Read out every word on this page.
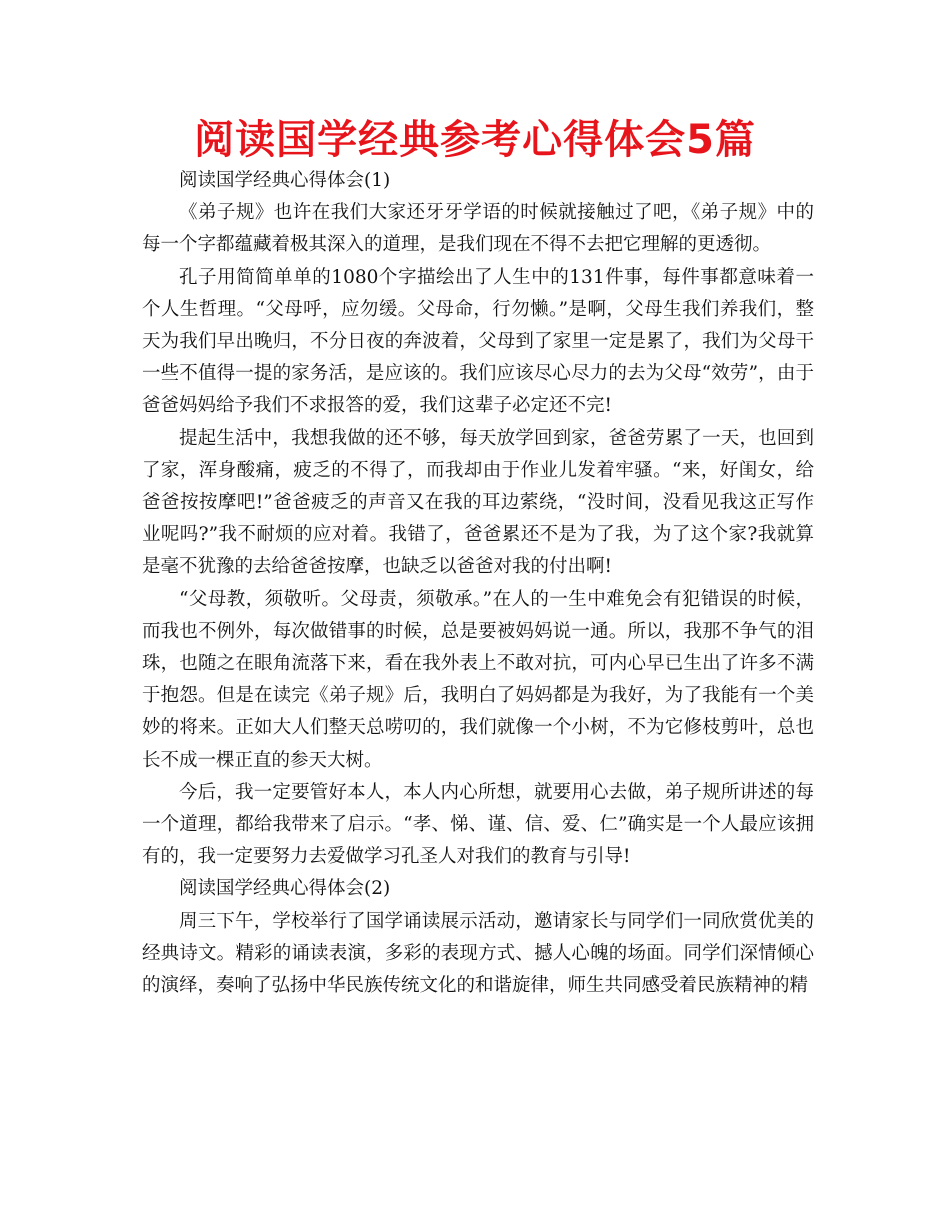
阅读国学经典参考心得体会5篇

阅读国学经典心得体会(1)

《弟子规》也许在我们大家还牙牙学语的时候就接触过了吧，《弟子规》中的每一个字都蕴藏着极其深入的道理，是我们现在不得不去把它理解的更透彻。

孔子用简简单单的1080个字描绘出了人生中的131件事，每件事都意味着一个人生哲理。“父母呼，应勿缓。父母命，行勿懒。”是啊，父母生我们养我们，整天为我们早出晚归，不分日夜的奔波着，父母到了家里一定是累了，我们为父母干一些不值得一提的家务活，是应该的。我们应该尽心尽力的去为父母“效劳”，由于爸爸妈妈给予我们不求报答的爱，我们这辈子必定还不完!

提起生活中，我想我做的还不够，每天放学回到家，爸爸劳累了一天，也回到了家，浑身酸痛，疲乏的不得了，而我却由于作业儿发着牢骚。“来，好闺女，给爸爸按按摩吧!”爸爸疲乏的声音又在我的耳边萦绕，“没时间，没看见我这正写作业呢吗?”我不耐烦的应对着。我错了，爸爸累还不是为了我，为了这个家?我就算是毫不犹豫的去给爸爸按摩，也缺乏以爸爸对我的付出啊!

“父母教，须敬听。父母责，须敬承。”在人的一生中难免会有犯错误的时候，而我也不例外，每次做错事的时候，总是要被妈妈说一通。所以，我那不争气的泪珠，也随之在眼角流落下来，看在我外表上不敢对抗，可内心早已生出了许多不满于抱怨。但是在读完《弟子规》后，我明白了妈妈都是为我好，为了我能有一个美妙的将来。正如大人们整天总唠叨的，我们就像一个小树，不为它修枝剪叶，总也长不成一棵正直的参天大树。

今后，我一定要管好本人，本人内心所想，就要用心去做，弟子规所讲述的每一个道理，都给我带来了启示。“孝、悌、谨、信、爱、仁”确实是一个人最应该拥有的，我一定要努力去爱做学习孔圣人对我们的教育与引导!

阅读国学经典心得体会(2)

周三下午，学校举行了国学诵读展示活动，邀请家长与同学们一同欣赏优美的经典诗文。精彩的诵读表演，多彩的表现方式、撼人心魄的场面。同学们深情倾心的演绎，奏响了弘扬中华民族传统文化的和谐旋律，师生共同感受着民族精神的精
